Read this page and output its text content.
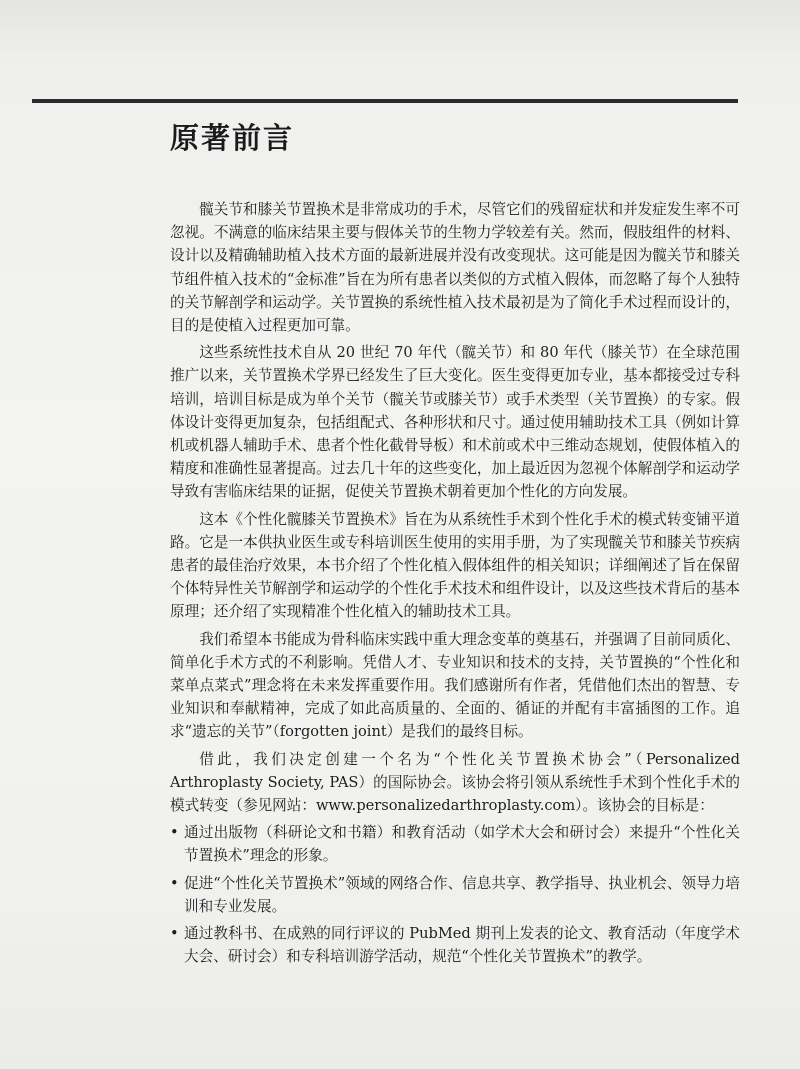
原著前言

髋关节和膝关节置换术是非常成功的手术，尽管它们的残留症状和并发症发生率不可忽视。不满意的临床结果主要与假体关节的生物力学较差有关。然而，假肢组件的材料、设计以及精确辅助植入技术方面的最新进展并没有改变现状。这可能是因为髋关节和膝关节组件植入技术的“金标准”旨在为所有患者以类似的方式植入假体，而忽略了每个人独特的关节解剖学和运动学。关节置换的系统性植入技术最初是为了简化手术过程而设计的，目的是使植入过程更加可靠。

这些系统性技术自从 20 世纪 70 年代（髋关节）和 80 年代（膝关节）在全球范围推广以来，关节置换术学界已经发生了巨大变化。医生变得更加专业，基本都接受过专科培训，培训目标是成为单个关节（髋关节或膝关节）或手术类型（关节置换）的专家。假体设计变得更加复杂，包括组配式、各种形状和尺寸。通过使用辅助技术工具（例如计算机或机器人辅助手术、患者个性化截骨导板）和术前或术中三维动态规划，使假体植入的精度和准确性显著提高。过去几十年的这些变化，加上最近因为忽视个体解剖学和运动学导致有害临床结果的证据，促使关节置换术朝着更加个性化的方向发展。

这本《个性化髋膝关节置换术》旨在为从系统性手术到个性化手术的模式转变铺平道路。它是一本供执业医生或专科培训医生使用的实用手册，为了实现髋关节和膝关节疾病患者的最佳治疗效果，本书介绍了个性化植入假体组件的相关知识；详细阐述了旨在保留个体特异性关节解剖学和运动学的个性化手术技术和组件设计，以及这些技术背后的基本原理；还介绍了实现精准个性化植入的辅助技术工具。

我们希望本书能成为骨科临床实践中重大理念变革的奠基石，并强调了目前同质化、简单化手术方式的不利影响。凭借人才、专业知识和技术的支持，关节置换的“个性化和菜单点菜式”理念将在未来发挥重要作用。我们感谢所有作者，凭借他们杰出的智慧、专业知识和奉献精神，完成了如此高质量的、全面的、循证的并配有丰富插图的工作。追求“遗忘的关节”（forgotten joint）是我们的最终目标。

借此，我们决定创建一个名为“个性化关节置换术协会”（Personalized Arthroplasty Society, PAS）的国际协会。该协会将引领从系统性手术到个性化手术的模式转变（参见网站：www.personalizedarthroplasty.com）。该协会的目标是：

• 通过出版物（科研论文和书籍）和教育活动（如学术大会和研讨会）来提升“个性化关节置换术”理念的形象。
• 促进“个性化关节置换术”领域的网络合作、信息共享、教学指导、执业机会、领导力培训和专业发展。
• 通过教科书、在成熟的同行评议的 PubMed 期刊上发表的论文、教育活动（年度学术大会、研讨会）和专科培训游学活动，规范“个性化关节置换术”的教学。
